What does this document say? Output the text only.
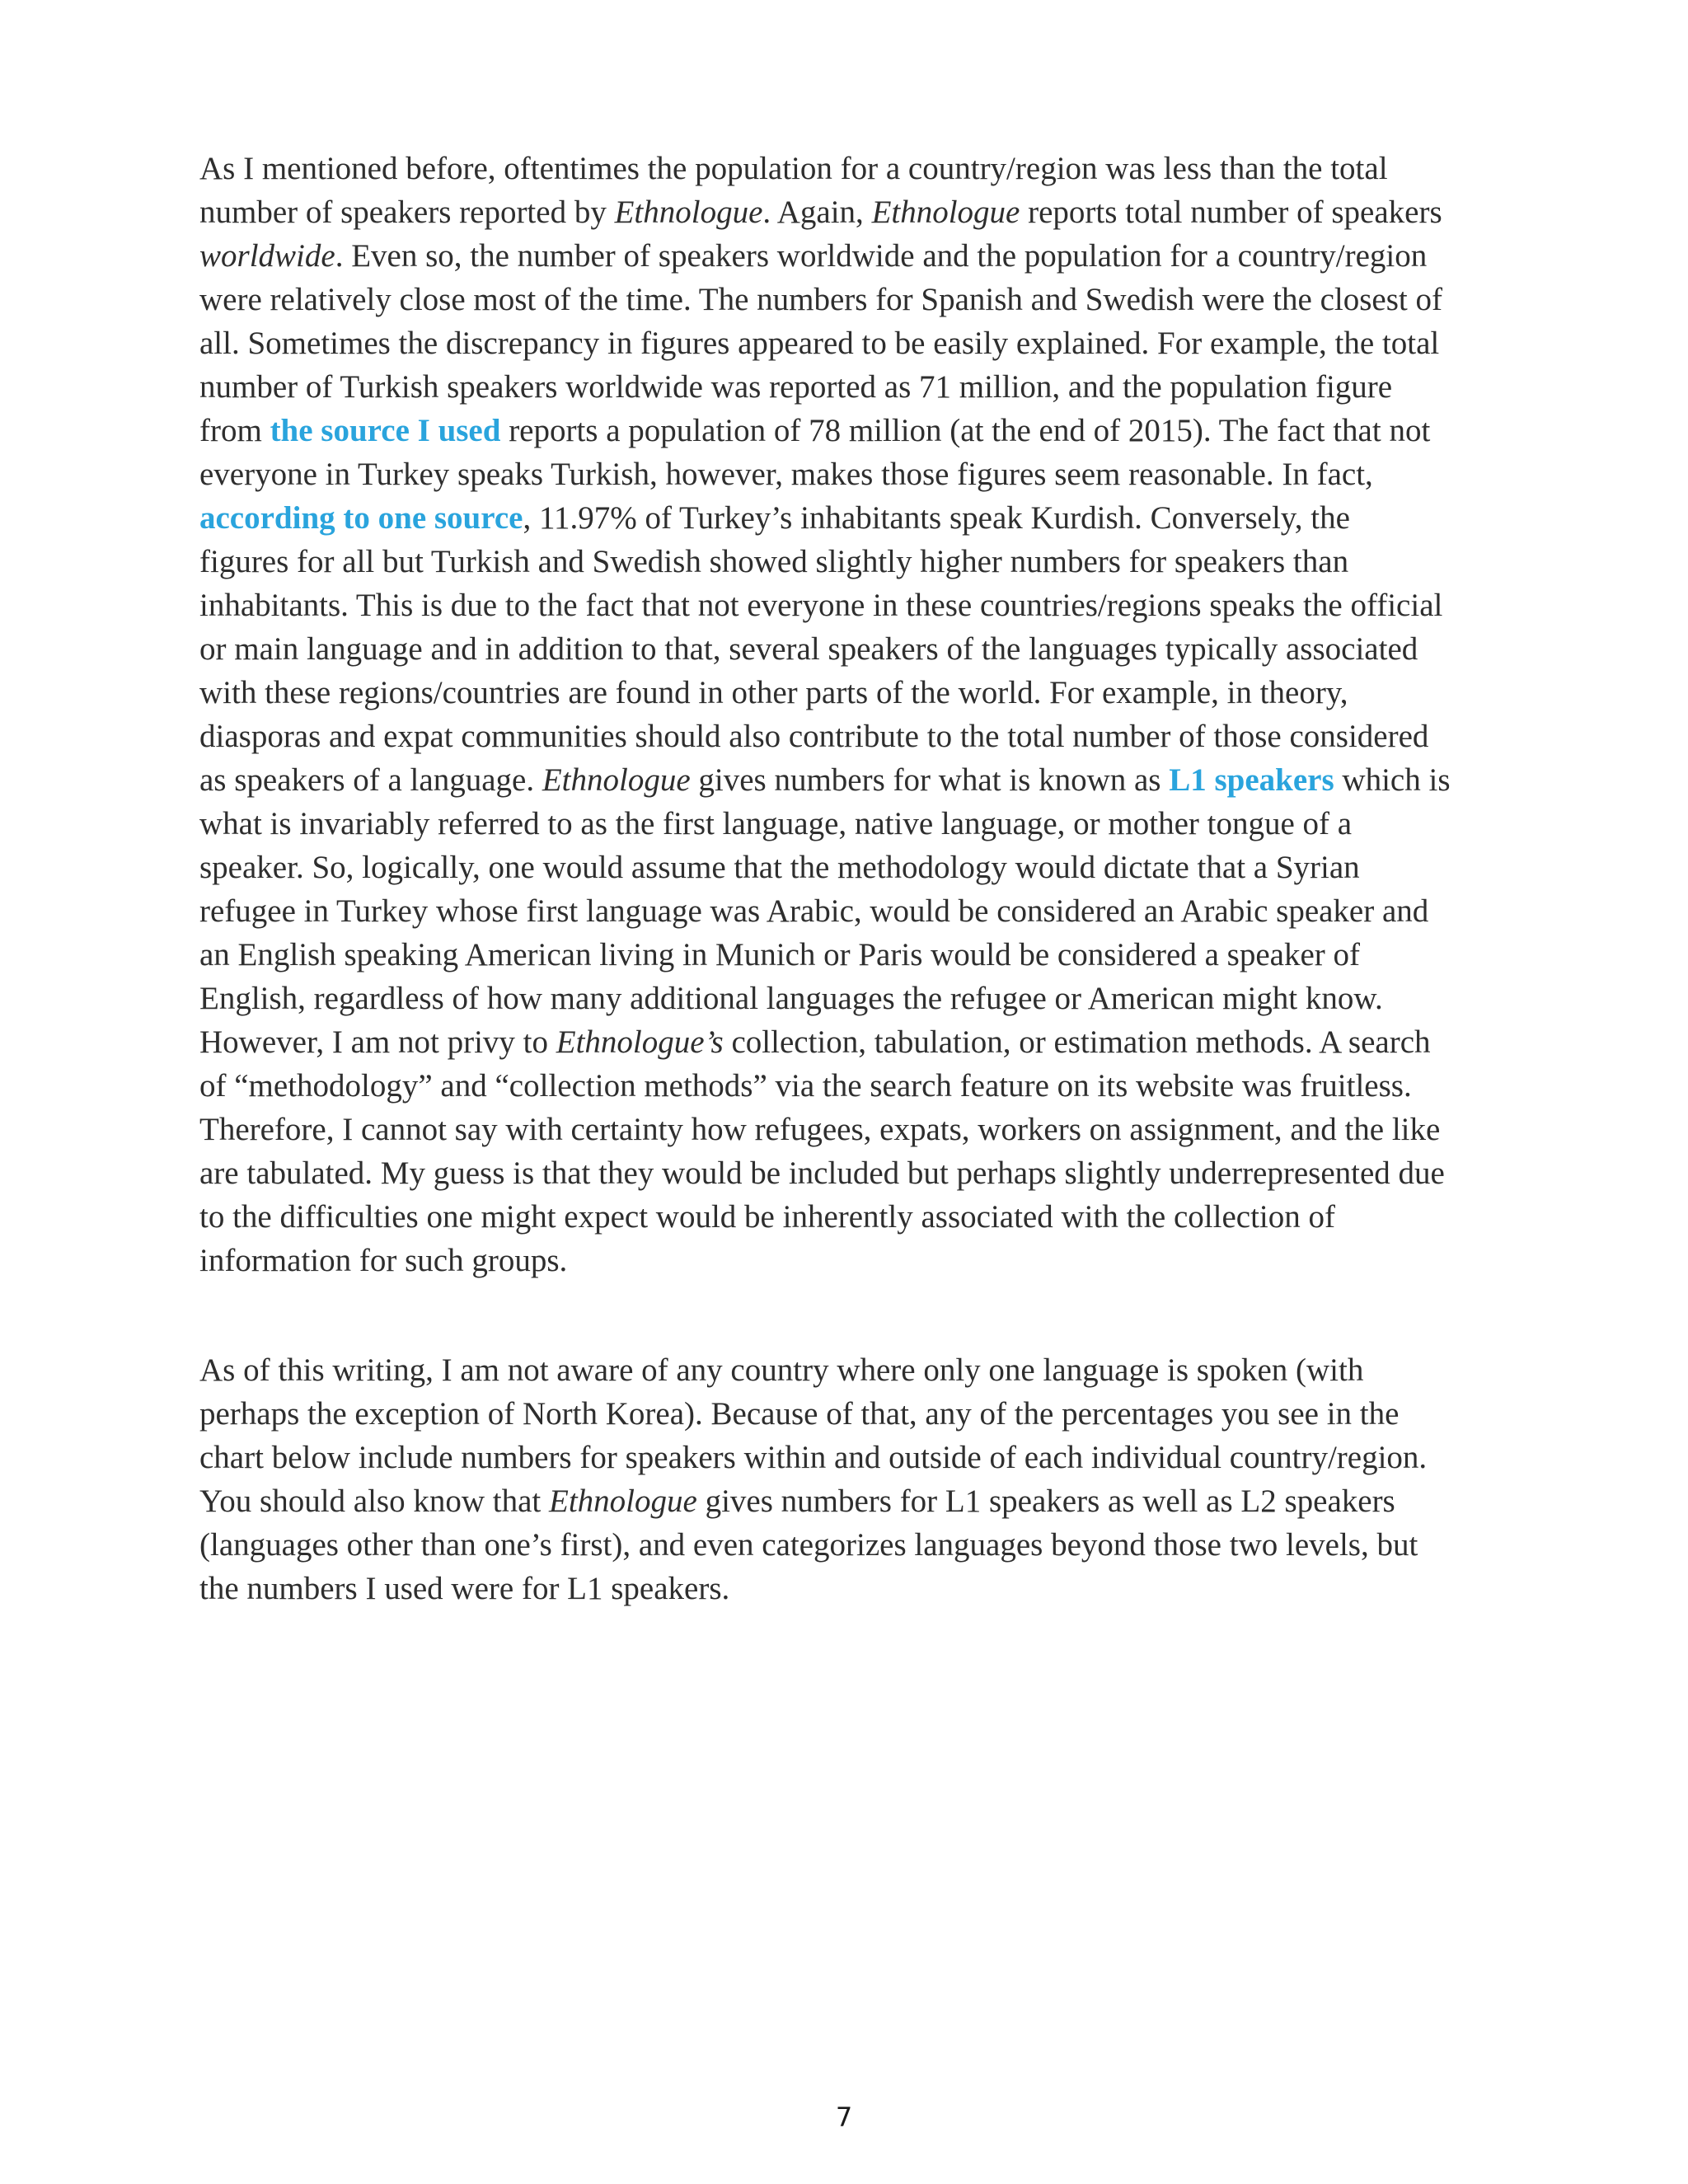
As I mentioned before, oftentimes the population for a country/region was less than the total
number of speakers reported by Ethnologue. Again, Ethnologue reports total number of speakers
worldwide. Even so, the number of speakers worldwide and the population for a country/region
were relatively close most of the time. The numbers for Spanish and Swedish were the closest of
all. Sometimes the discrepancy in figures appeared to be easily explained. For example, the total
number of Turkish speakers worldwide was reported as 71 million, and the population figure
from the source I used reports a population of 78 million (at the end of 2015). The fact that not
everyone in Turkey speaks Turkish, however, makes those figures seem reasonable. In fact,
according to one source, 11.97% of Turkey’s inhabitants speak Kurdish. Conversely, the
figures for all but Turkish and Swedish showed slightly higher numbers for speakers than
inhabitants. This is due to the fact that not everyone in these countries/regions speaks the official
or main language and in addition to that, several speakers of the languages typically associated
with these regions/countries are found in other parts of the world. For example, in theory,
diasporas and expat communities should also contribute to the total number of those considered
as speakers of a language. Ethnologue gives numbers for what is known as L1 speakers which is
what is invariably referred to as the first language, native language, or mother tongue of a
speaker. So, logically, one would assume that the methodology would dictate that a Syrian
refugee in Turkey whose first language was Arabic, would be considered an Arabic speaker and
an English speaking American living in Munich or Paris would be considered a speaker of
English, regardless of how many additional languages the refugee or American might know.
However, I am not privy to Ethnologue’s collection, tabulation, or estimation methods. A search
of “methodology” and “collection methods” via the search feature on its website was fruitless.
Therefore, I cannot say with certainty how refugees, expats, workers on assignment, and the like
are tabulated. My guess is that they would be included but perhaps slightly underrepresented due
to the difficulties one might expect would be inherently associated with the collection of
information for such groups.

As of this writing, I am not aware of any country where only one language is spoken (with
perhaps the exception of North Korea). Because of that, any of the percentages you see in the
chart below include numbers for speakers within and outside of each individual country/region.
You should also know that Ethnologue gives numbers for L1 speakers as well as L2 speakers
(languages other than one’s first), and even categorizes languages beyond those two levels, but
the numbers I used were for L1 speakers.

7
